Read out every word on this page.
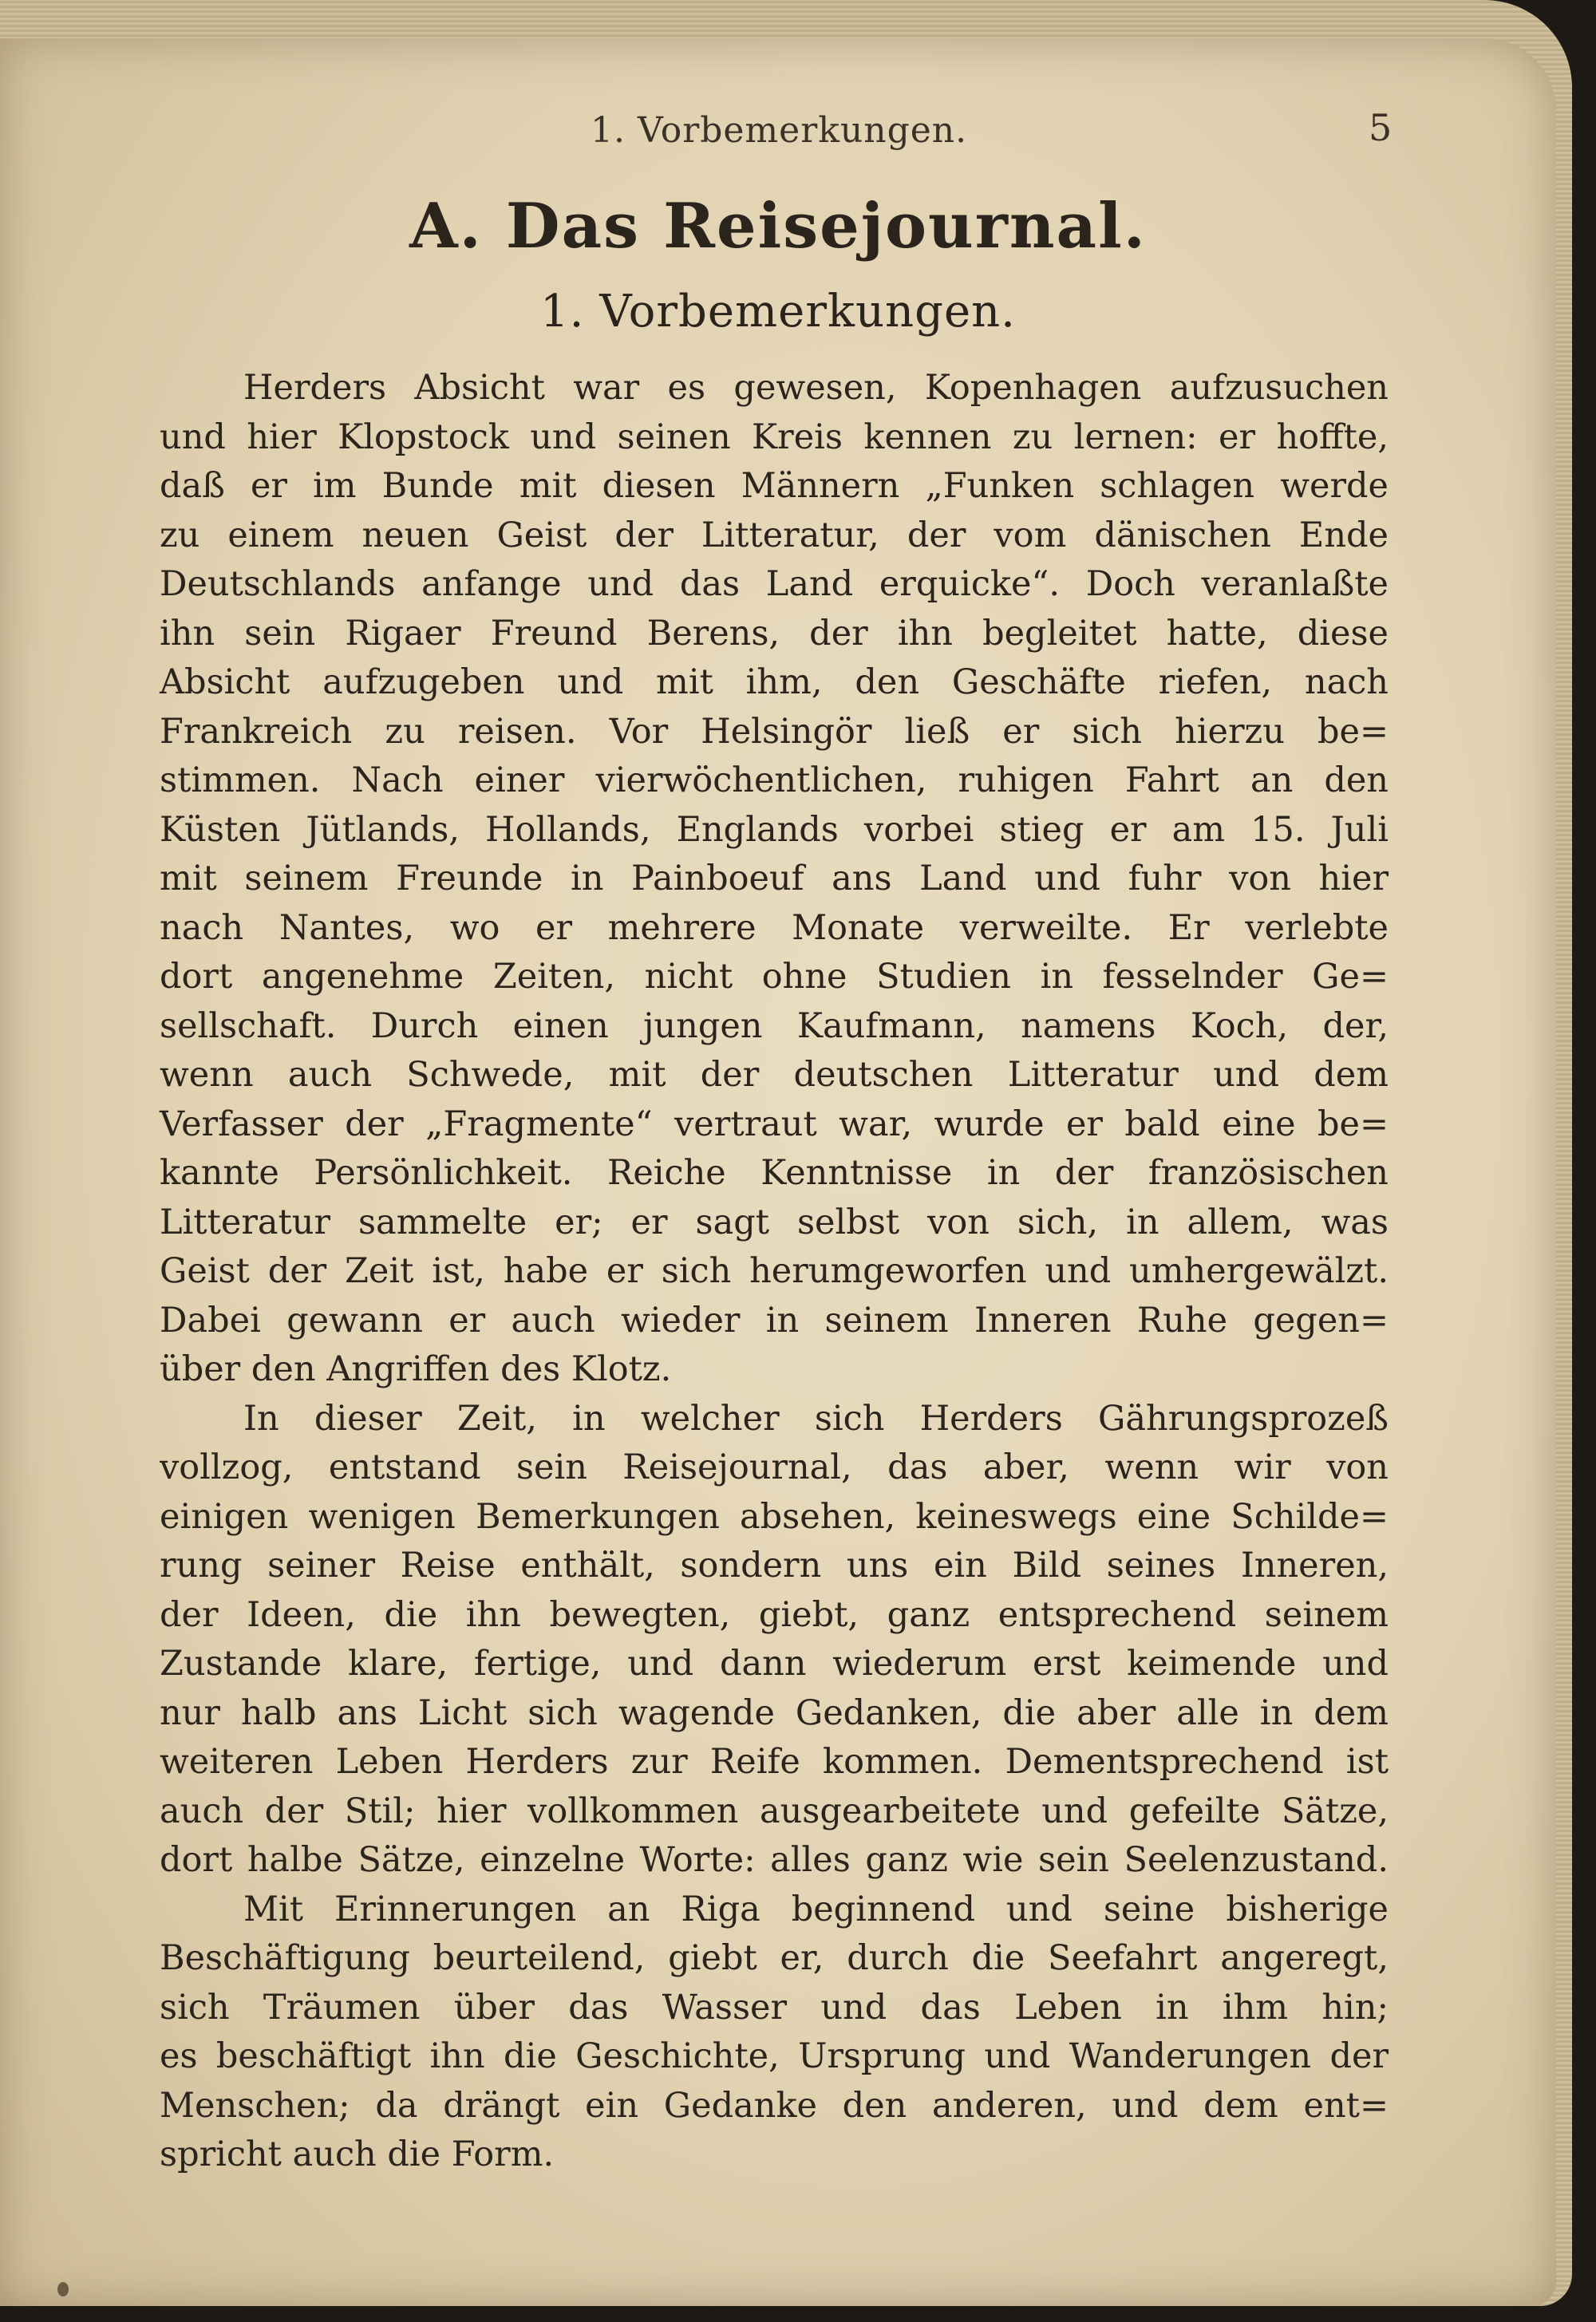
1. Vorbemerkungen.	5
A. Das Reisejournal.
1. Vorbemerkungen.
Herders Absicht war es gewesen, Kopenhagen aufzusuchen
und hier Klopstock und seinen Kreis kennen zu lernen: er hoffte,
daß er im Bunde mit diesen Männern „Funken schlagen werde
zu einem neuen Geist der Litteratur, der vom dänischen Ende
Deutschlands anfange und das Land erquicke“. Doch veranlaßte
ihn sein Rigaer Freund Berens, der ihn begleitet hatte, diese
Absicht aufzugeben und mit ihm, den Geschäfte riefen, nach
Frankreich zu reisen. Vor Helsingör ließ er sich hierzu be=
stimmen. Nach einer vierwöchentlichen, ruhigen Fahrt an den
Küsten Jütlands, Hollands, Englands vorbei stieg er am 15. Juli
mit seinem Freunde in Painboeuf ans Land und fuhr von hier
nach Nantes, wo er mehrere Monate verweilte. Er verlebte
dort angenehme Zeiten, nicht ohne Studien in fesselnder Ge=
sellschaft. Durch einen jungen Kaufmann, namens Koch, der,
wenn auch Schwede, mit der deutschen Litteratur und dem
Verfasser der „Fragmente“ vertraut war, wurde er bald eine be=
kannte Persönlichkeit. Reiche Kenntnisse in der französischen
Litteratur sammelte er; er sagt selbst von sich, in allem, was
Geist der Zeit ist, habe er sich herumgeworfen und umhergewälzt.
Dabei gewann er auch wieder in seinem Inneren Ruhe gegen=
über den Angriffen des Klotz.
In dieser Zeit, in welcher sich Herders Gährungsprozeß
vollzog, entstand sein Reisejournal, das aber, wenn wir von
einigen wenigen Bemerkungen absehen, keineswegs eine Schilde=
rung seiner Reise enthält, sondern uns ein Bild seines Inneren,
der Ideen, die ihn bewegten, giebt, ganz entsprechend seinem
Zustande klare, fertige, und dann wiederum erst keimende und
nur halb ans Licht sich wagende Gedanken, die aber alle in dem
weiteren Leben Herders zur Reife kommen. Dementsprechend ist
auch der Stil; hier vollkommen ausgearbeitete und gefeilte Sätze,
dort halbe Sätze, einzelne Worte: alles ganz wie sein Seelenzustand.
Mit Erinnerungen an Riga beginnend und seine bisherige
Beschäftigung beurteilend, giebt er, durch die Seefahrt angeregt,
sich Träumen über das Wasser und das Leben in ihm hin;
es beschäftigt ihn die Geschichte, Ursprung und Wanderungen der
Menschen; da drängt ein Gedanke den anderen, und dem ent=
spricht auch die Form.
